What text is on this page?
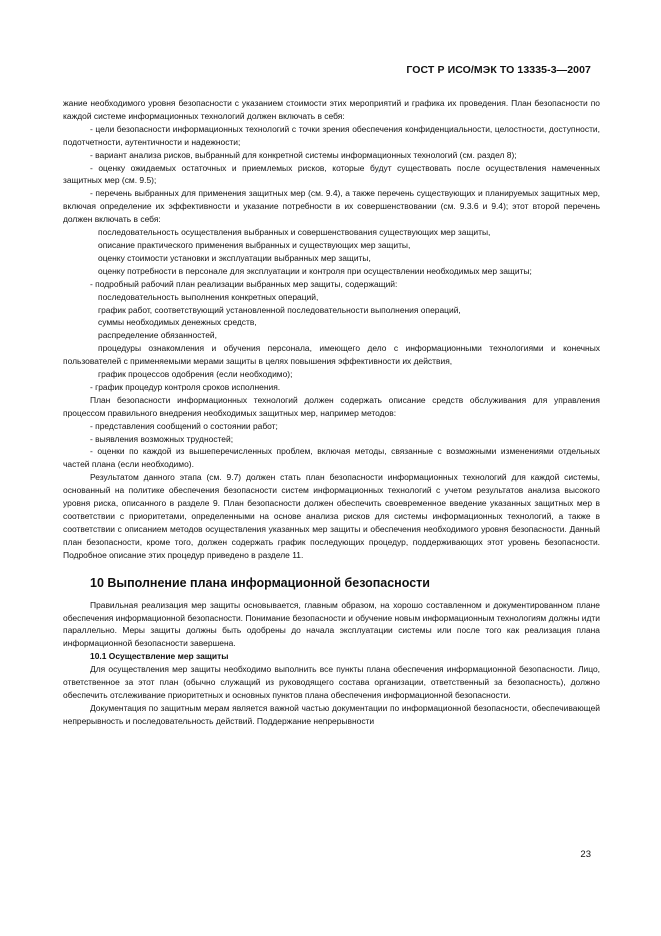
ГОСТ Р ИСО/МЭК ТО 13335-3—2007

жание необходимого уровня безопасности с указанием стоимости этих мероприятий и графика их проведения. План безопасности по каждой системе информационных технологий должен включать в себя:

- цели безопасности информационных технологий с точки зрения обеспечения конфиденциальности, целостности, доступности, подотчетности, аутентичности и надежности;

- вариант анализа рисков, выбранный для конкретной системы информационных технологий (см. раздел 8);

- оценку ожидаемых остаточных и приемлемых рисков, которые будут существовать после осуществления намеченных защитных мер (см. 9.5);

- перечень выбранных для применения защитных мер (см. 9.4), а также перечень существующих и планируемых защитных мер, включая определение их эффективности и указание потребности в их совершенствовании (см. 9.3.6 и 9.4); этот второй перечень должен включать в себя:

последовательность осуществления выбранных и совершенствования существующих мер защиты,

описание практического применения выбранных и существующих мер защиты,

оценку стоимости установки и эксплуатации выбранных мер защиты,

оценку потребности в персонале для эксплуатации и контроля при осуществлении необходимых мер защиты;

- подробный рабочий план реализации выбранных мер защиты, содержащий:

последовательность выполнения конкретных операций,

график работ, соответствующий установленной последовательности выполнения операций,

суммы необходимых денежных средств,

распределение обязанностей,

процедуры ознакомления и обучения персонала, имеющего дело с информационными технологиями и конечных пользователей с применяемыми мерами защиты в целях повышения эффективности их действия,

график процессов одобрения (если необходимо);

- график процедур контроля сроков исполнения.

План безопасности информационных технологий должен содержать описание средств обслуживания для управления процессом правильного внедрения необходимых защитных мер, например методов:

- представления сообщений о состоянии работ;

- выявления возможных трудностей;

- оценки по каждой из вышеперечисленных проблем, включая методы, связанные с возможными изменениями отдельных частей плана (если необходимо).

Результатом данного этапа (см. 9.7) должен стать план безопасности информационных технологий для каждой системы, основанный на политике обеспечения безопасности систем информационных технологий с учетом результатов анализа высокого уровня риска, описанного в разделе 9. План безопасности должен обеспечить своевременное введение указанных защитных мер в соответствии с приоритетами, определенными на основе анализа рисков для системы информационных технологий, а также в соответствии с описанием методов осуществления указанных мер защиты и обеспечения необходимого уровня безопасности. Данный план безопасности, кроме того, должен содержать график последующих процедур, поддерживающих этот уровень безопасности. Подробное описание этих процедур приведено в разделе 11.

10 Выполнение плана информационной безопасности

Правильная реализация мер защиты основывается, главным образом, на хорошо составленном и документированном плане обеспечения информационной безопасности. Понимание безопасности и обучение новым информационным технологиям должны идти параллельно. Меры защиты должны быть одобрены до начала эксплуатации системы или после того как реализация плана информационной безопасности завершена.

10.1 Осуществление мер защиты

Для осуществления мер защиты необходимо выполнить все пункты плана обеспечения информационной безопасности. Лицо, ответственное за этот план (обычно служащий из руководящего состава организации, ответственный за безопасность), должно обеспечить отслеживание приоритетных и основных пунктов плана обеспечения информационной безопасности.

Документация по защитным мерам является важной частью документации по информационной безопасности, обеспечивающей непрерывность и последовательность действий. Поддержание непрерывности

23
